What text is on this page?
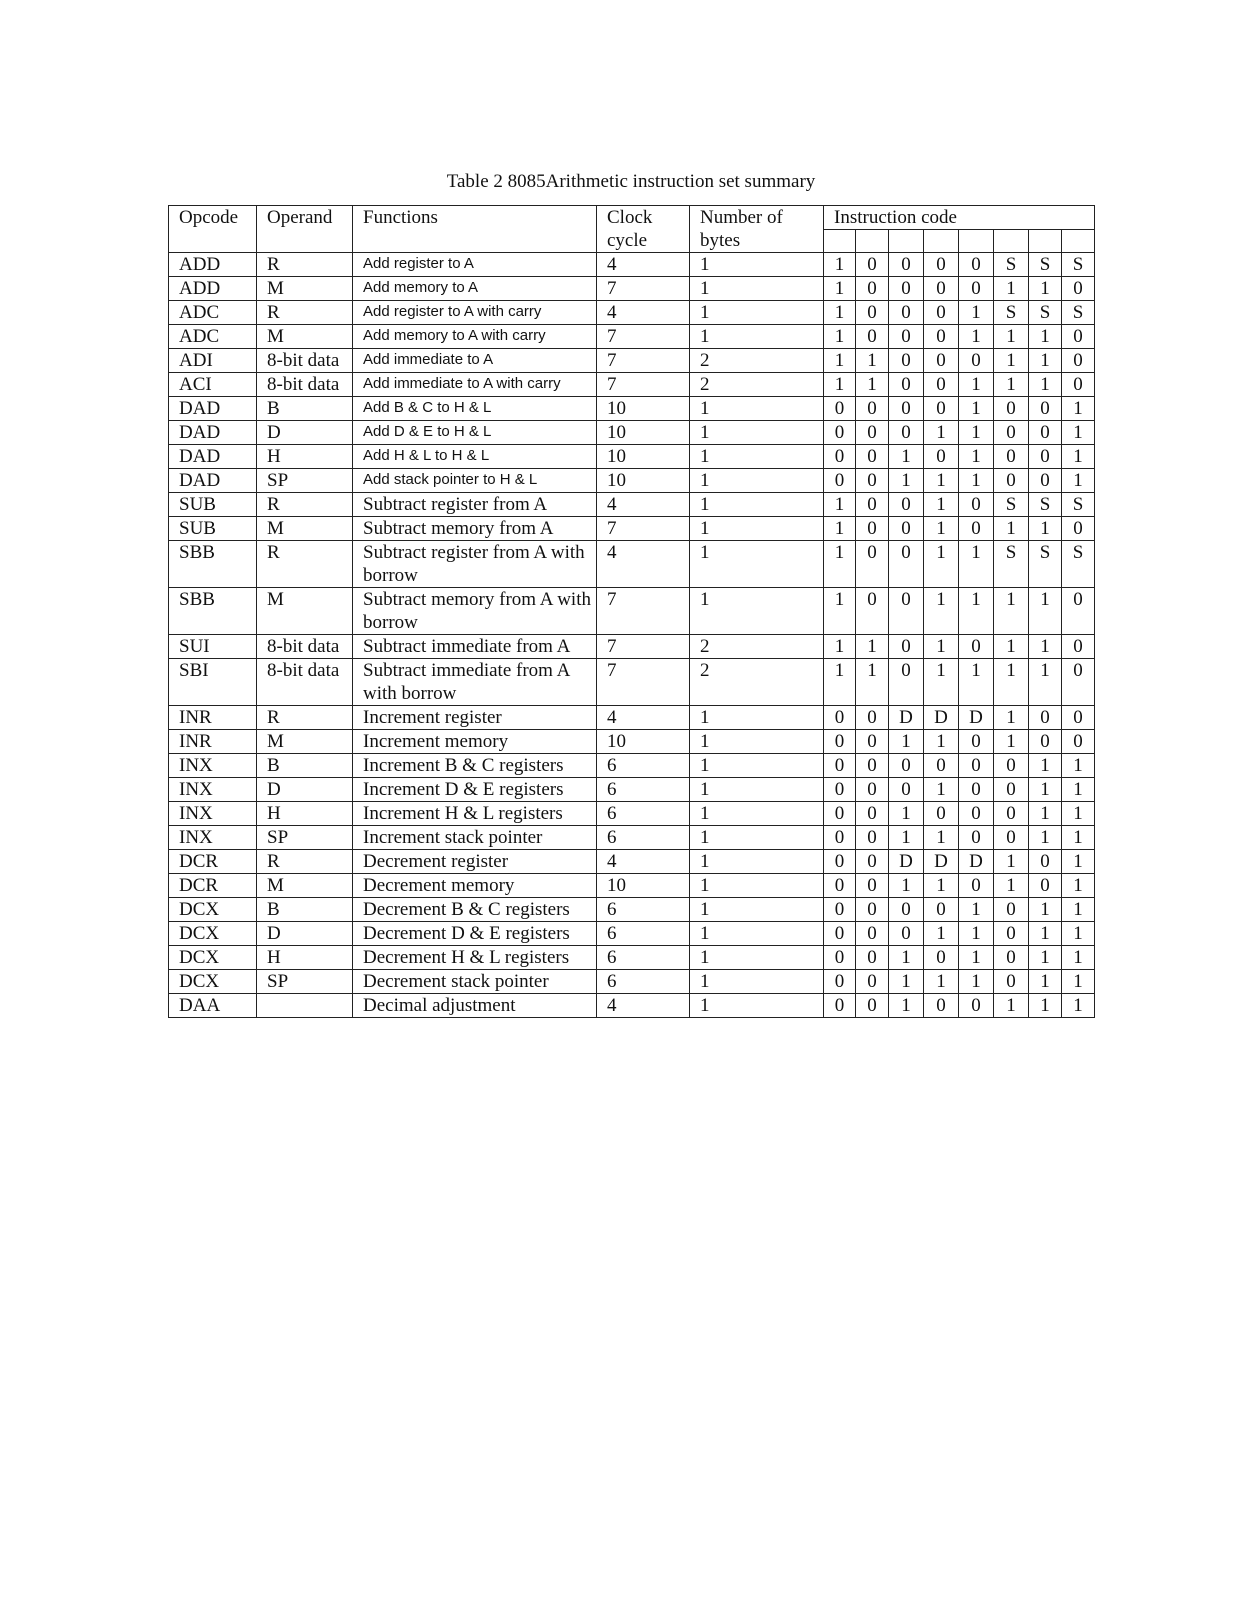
Table 2 8085Arithmetic instruction set summary
Opcode	Operand	Functions	Clock cycle	Number of bytes	Instruction code							

ADD	R	Add register to A	4	1	1	0	0	0	0	S	S	S
ADD	M	Add memory to A	7	1	1	0	0	0	0	1	1	0
ADC	R	Add register to A with carry	4	1	1	0	0	0	1	S	S	S
ADC	M	Add memory to A with carry	7	1	1	0	0	0	1	1	1	0
ADI	8-bit data	Add immediate to A	7	2	1	1	0	0	0	1	1	0
ACI	8-bit data	Add immediate to A with carry	7	2	1	1	0	0	1	1	1	0
DAD	B	Add B & C to H & L	10	1	0	0	0	0	1	0	0	1
DAD	D	Add D & E to H & L	10	1	0	0	0	1	1	0	0	1
DAD	H	Add H & L to H & L	10	1	0	0	1	0	1	0	0	1
DAD	SP	Add stack pointer to H & L	10	1	0	0	1	1	1	0	0	1
SUB	R	Subtract register from A	4	1	1	0	0	1	0	S	S	S
SUB	M	Subtract memory from A	7	1	1	0	0	1	0	1	1	0
SBB	R	Subtract register from A with borrow	4	1	1	0	0	1	1	S	S	S
SBB	M	Subtract memory from A with borrow	7	1	1	0	0	1	1	1	1	0
SUI	8-bit data	Subtract immediate from A	7	2	1	1	0	1	0	1	1	0
SBI	8-bit data	Subtract immediate from A with borrow	7	2	1	1	0	1	1	1	1	0
INR	R	Increment register	4	1	0	0	D	D	D	1	0	0
INR	M	Increment memory	10	1	0	0	1	1	0	1	0	0
INX	B	Increment B & C registers	6	1	0	0	0	0	0	0	1	1
INX	D	Increment D & E registers	6	1	0	0	0	1	0	0	1	1
INX	H	Increment H & L registers	6	1	0	0	1	0	0	0	1	1
INX	SP	Increment stack pointer	6	1	0	0	1	1	0	0	1	1
DCR	R	Decrement register	4	1	0	0	D	D	D	1	0	1
DCR	M	Decrement memory	10	1	0	0	1	1	0	1	0	1
DCX	B	Decrement B & C registers	6	1	0	0	0	0	1	0	1	1
DCX	D	Decrement D & E registers	6	1	0	0	0	1	1	0	1	1
DCX	H	Decrement H & L registers	6	1	0	0	1	0	1	0	1	1
DCX	SP	Decrement stack pointer	6	1	0	0	1	1	1	0	1	1
DAA		Decimal adjustment	4	1	0	0	1	0	0	1	1	1
